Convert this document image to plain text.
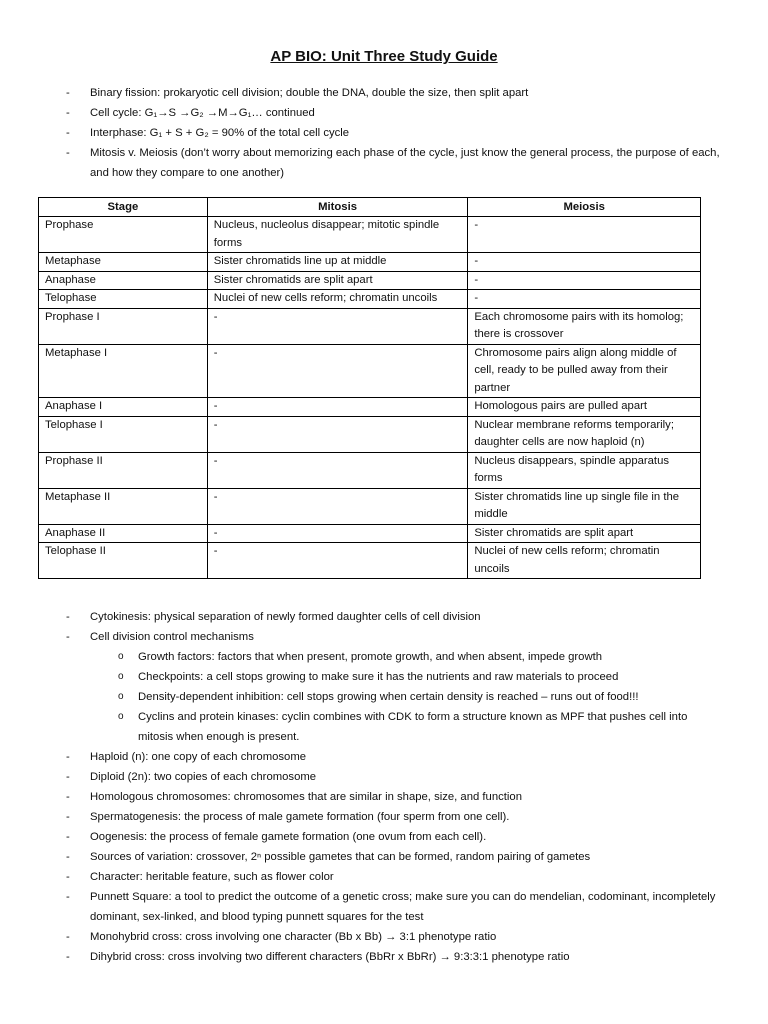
AP BIO: Unit Three Study Guide
- Binary fission: prokaryotic cell division; double the DNA, double the size, then split apart
- Cell cycle: G₁→S →G₂ →M→G₁… continued
- Interphase: G₁ + S + G₂ = 90% of the total cell cycle
- Mitosis v. Meiosis (don’t worry about memorizing each phase of the cycle, just know the general process, the purpose of each, and how they compare to one another)
Stage	Mitosis	Meiosis
Prophase	Nucleus, nucleolus disappear; mitotic spindle forms	-
Metaphase	Sister chromatids line up at middle	-
Anaphase	Sister chromatids are split apart	-
Telophase	Nuclei of new cells reform; chromatin uncoils	-
Prophase I	-	Each chromosome pairs with its homolog; there is crossover
Metaphase I	-	Chromosome pairs align along middle of cell, ready to be pulled away from their partner
Anaphase I	-	Homologous pairs are pulled apart
Telophase I	-	Nuclear membrane reforms temporarily; daughter cells are now haploid (n)
Prophase II	-	Nucleus disappears, spindle apparatus forms
Metaphase II	-	Sister chromatids line up single file in the middle
Anaphase II	-	Sister chromatids are split apart
Telophase II	-	Nuclei of new cells reform; chromatin uncoils
- Cytokinesis: physical separation of newly formed daughter cells of cell division
- Cell division control mechanisms
o Growth factors: factors that when present, promote growth, and when absent, impede growth
o Checkpoints: a cell stops growing to make sure it has the nutrients and raw materials to proceed
o Density-dependent inhibition: cell stops growing when certain density is reached – runs out of food!!!
o Cyclins and protein kinases: cyclin combines with CDK to form a structure known as MPF that pushes cell into mitosis when enough is present.
- Haploid (n): one copy of each chromosome
- Diploid (2n): two copies of each chromosome
- Homologous chromosomes: chromosomes that are similar in shape, size, and function
- Spermatogenesis: the process of male gamete formation (four sperm from one cell).
- Oogenesis: the process of female gamete formation (one ovum from each cell).
- Sources of variation: crossover, 2ⁿ possible gametes that can be formed, random pairing of gametes
- Character: heritable feature, such as flower color
- Punnett Square: a tool to predict the outcome of a genetic cross; make sure you can do mendelian, codominant, incompletely dominant, sex-linked, and blood typing punnett squares for the test
- Monohybrid cross: cross involving one character (Bb x Bb) → 3:1 phenotype ratio
- Dihybrid cross: cross involving two different characters (BbRr x BbRr) → 9:3:3:1 phenotype ratio
